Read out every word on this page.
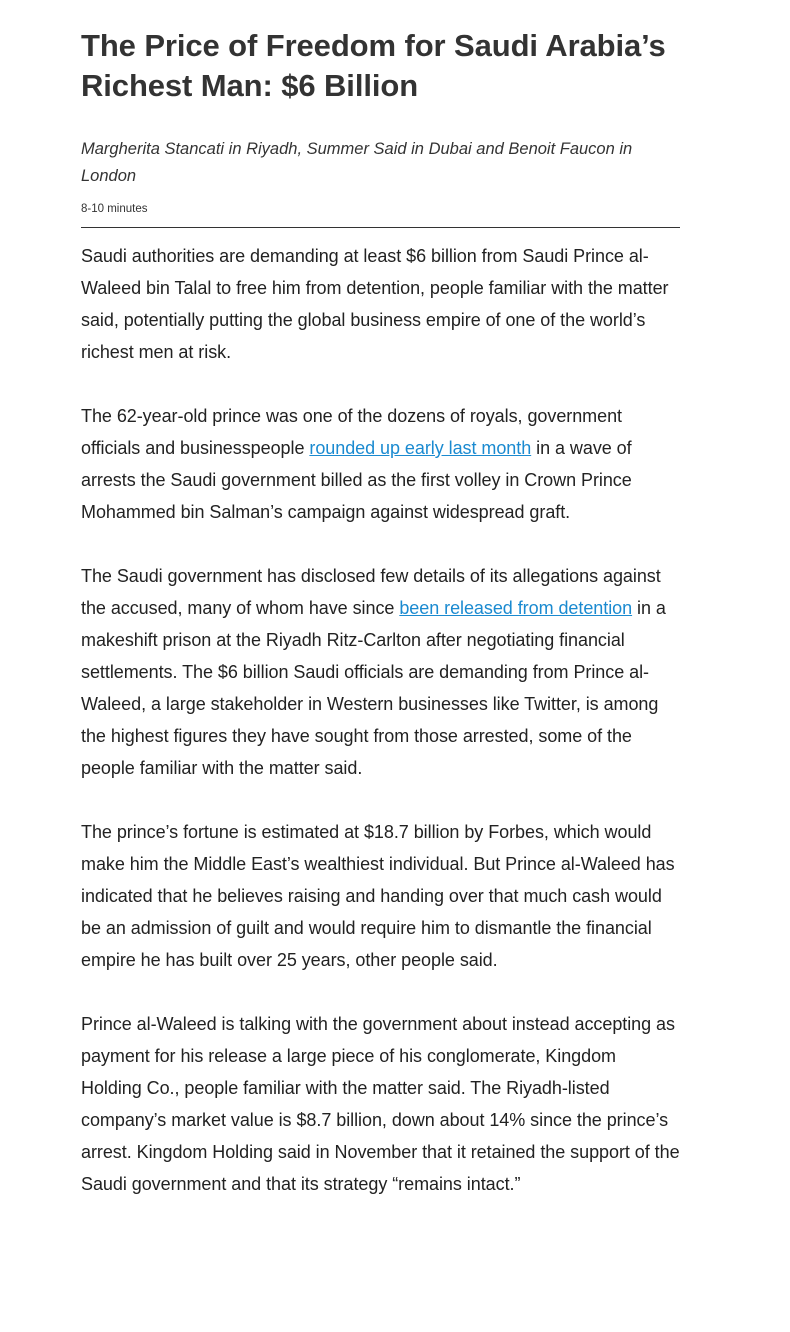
The Price of Freedom for Saudi Arabia’s Richest Man: $6 Billion

Margherita Stancati in Riyadh, Summer Said in Dubai and Benoit Faucon in London

8-10 minutes

Saudi authorities are demanding at least $6 billion from Saudi Prince al-Waleed bin Talal to free him from detention, people familiar with the matter said, potentially putting the global business empire of one of the world’s richest men at risk.

The 62-year-old prince was one of the dozens of royals, government officials and businesspeople rounded up early last month in a wave of arrests the Saudi government billed as the first volley in Crown Prince Mohammed bin Salman’s campaign against widespread graft.

The Saudi government has disclosed few details of its allegations against the accused, many of whom have since been released from detention in a makeshift prison at the Riyadh Ritz-Carlton after negotiating financial settlements. The $6 billion Saudi officials are demanding from Prince al-Waleed, a large stakeholder in Western businesses like Twitter, is among the highest figures they have sought from those arrested, some of the people familiar with the matter said.

The prince’s fortune is estimated at $18.7 billion by Forbes, which would make him the Middle East’s wealthiest individual. But Prince al-Waleed has indicated that he believes raising and handing over that much cash would be an admission of guilt and would require him to dismantle the financial empire he has built over 25 years, other people said.

Prince al-Waleed is talking with the government about instead accepting as payment for his release a large piece of his conglomerate, Kingdom Holding Co., people familiar with the matter said. The Riyadh-listed company’s market value is $8.7 billion, down about 14% since the prince’s arrest. Kingdom Holding said in November that it retained the support of the Saudi government and that its strategy “remains intact.”
